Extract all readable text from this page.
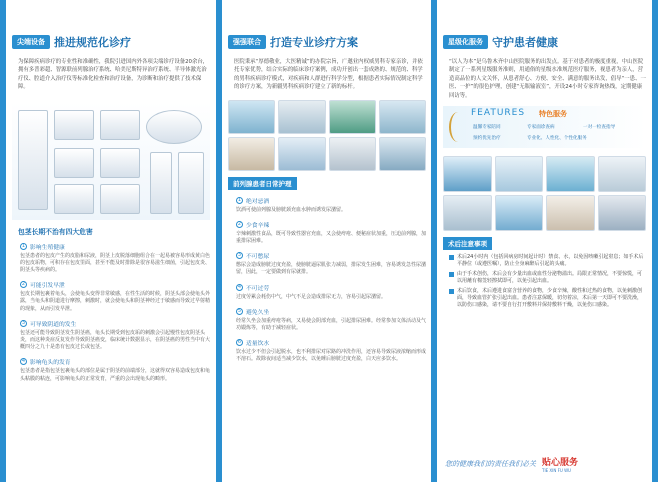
尖端设备 推进规范化诊疗

为保障疾病诊疗的专业性和准确性，我院引进国内外各项尖端诊疗设备20余台，拥有多普彩超、智源联前列腺治疗系统、哈美尼斯特异治疗系统、半导体激光治疗仪、腔道介入治疗仪等标准化检查和治疗设备，为诊断和治疗提供了技术保障。

包茎长期不治有四大危害
1 影响生殖健康

包茎患者的包皮产生的皮脂和尿液，阴茎上皮脱落细胞组合在一起易被容易形成黄白色的包皮垢物，可积存在包皮里面，甚至不能及时排除是很容易滋生细菌，引起包皮炎、阴茎头等疾病的。

2 可能引发早泄

包皮长期包裹着龟头，会使龟头变得非常敏感，在性生活的时候，阴茎头部会使龟头外露，当龟头和阴道进行摩擦，刺激时，就会使龟头和阴茎神经过于敏感而导致过早射精的现象，从而引发早泄。

3 可导致阴道的发生

包茎还可能导致阴茎发生阴茎癌，龟头长期受到包皮垢的刺激会引起慢性包皮阴茎头炎，而这种炎症反复发作导致阴茎癌变，临床统计数据显示，在阴茎癌的男性当中有大概四分之九十是患有包皮过长或包茎。

4 影响龟头的发育

包茎患者是指包茎包裹龟头的部位是属于阴茎的前端部分，这就得双容易造成包皮和龟头粘膜的粘连，可影响龟头的正常发育，严重的会出现龟头的畸形。

强强联合 打造专业诊疗方案

医院秉承“厚德敬业，大医精诚”的办院宗旨，广邀业内权威男科专家亲诊，并依托专家优势，结合实际的临床诊疗案例，成功开创出一套成熟的、规范的、科学的男科疾病诊疗模式，对疾病和人群进行科学分型，根据患者实际情况制定科学的诊疗方案，为新疆男科疾病诊疗建立了新的标杆。

前列腺患者日常护理
1 绝对忌酒

饮酒可使前列腺及膀胱颈充血水肿而诱发尿潴留。

2 少食辛辣

辛辣刺激性食品，既可导致性器官充血，又会使痔疮、便秘症状加重，压迫前列腺，加重排尿困难。

3 不可憋尿

憋尿会造成膀胱过度充盈，使膀胱逼尿肌张力减弱，排尿发生困难，容易诱发急性尿潴留，因此，一定要做到有尿就排。

4 不可过劳

过度劳累会耗伤中气，中气不足会造成排尿无力，容易引起尿潴留。

5 避免久坐

经常久坐会加重痔疮等病，又易使会阴部充血，引起排尿困难。经常参加文体活动及气功锻炼等，有助于减轻症状。

6 适量饮水

饮水过少不但会引起脱水，也不利排尿对尿路的冲洗作用，还容易导致尿液浓缩而形成不溶石。故除夜间适当减少饮水，以免睡后膀胱过度充盈，白天应多饮水。

星级化服务 守护患者健康

“以人为本”是乌鲁木齐中山医院服务的出发点。基于对患者的极度重视，中山医院制定了一系列星级服务准则，用通俗的星级水准规范医疗服务，视患者为亲人，营造高品位的人文关怀，从患者舒心、方便、安全、满意的服务出发，倡导“一患、一医、一护”的很色护理，创建“无瓶输液室”，开设24小时专家咨询热线，定期健康回访等。

FEATURES 特色服务
温馨专家陪同	专家面诊查病	一对一检查指导
预约优先治疗	专业化、人性化、个性化服务
术后注意事项
术后24小时内（包括回病房时间起计时）禁食、水，以免因咳嗽引起窒息；如手术后平静位（或遵医嘱），防止全身麻醉后引起的头痛。
由于手术创伤，术后会有少量出血或血性分泌物溢出。局限正常情况，不要惊慌，可以用蘸有棉签轻擦拭即可，以免引起出血。
术后饮食，术后遵进食富含营养的食物，少食辛辣，酸性和过热的食物，以免刺激创面，导致血管扩张引起出血。患者注意保暖，切勿着凉，术后第一天即可不要洗澡，以防伤口感染，请不要自行打开敷料并保持敷料干燥，以免伤口感染。
您的健康我们的责任我们必关 贴心服务
TIE XIN FU WU
